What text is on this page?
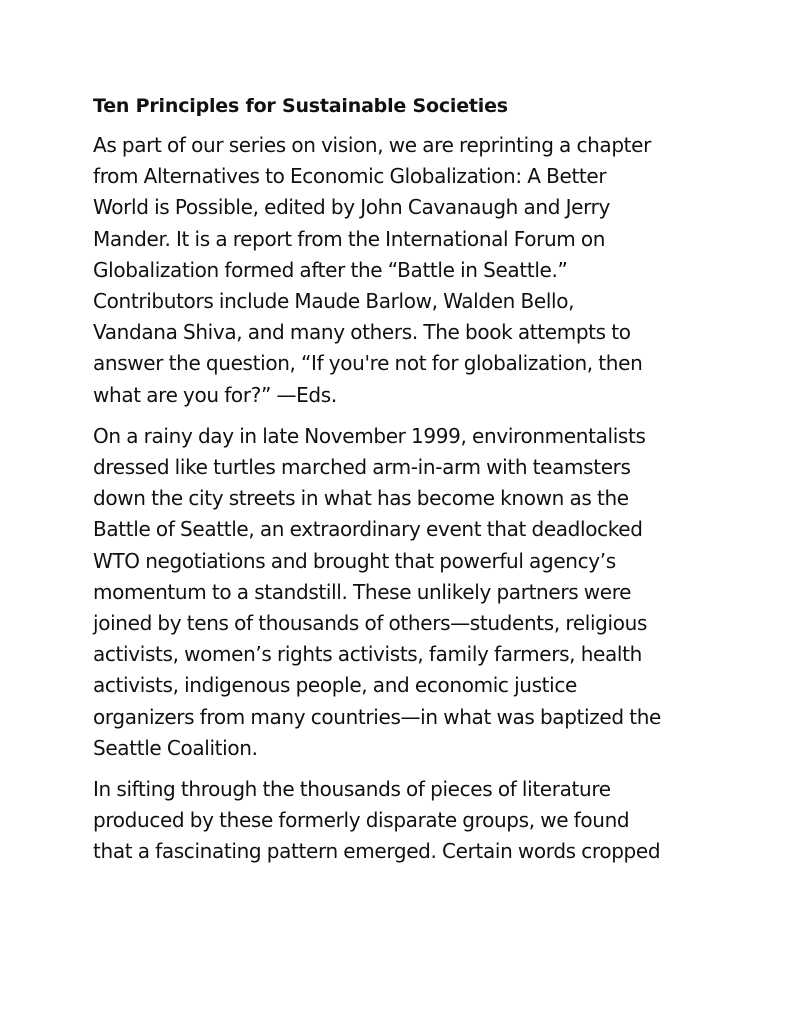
Ten Principles for Sustainable Societies

As part of our series on vision, we are reprinting a chapter
from Alternatives to Economic Globalization: A Better
World is Possible, edited by John Cavanaugh and Jerry
Mander. It is a report from the International Forum on
Globalization formed after the “Battle in Seattle.”
Contributors include Maude Barlow, Walden Bello,
Vandana Shiva, and many others. The book attempts to
answer the question, “If you're not for globalization, then
what are you for?” —Eds.

On a rainy day in late November 1999, environmentalists
dressed like turtles marched arm-in-arm with teamsters
down the city streets in what has become known as the
Battle of Seattle, an extraordinary event that deadlocked
WTO negotiations and brought that powerful agency’s
momentum to a standstill. These unlikely partners were
joined by tens of thousands of others—students, religious
activists, women’s rights activists, family farmers, health
activists, indigenous people, and economic justice
organizers from many countries—in what was baptized the
Seattle Coalition.

In sifting through the thousands of pieces of literature
produced by these formerly disparate groups, we found
that a fascinating pattern emerged. Certain words cropped
